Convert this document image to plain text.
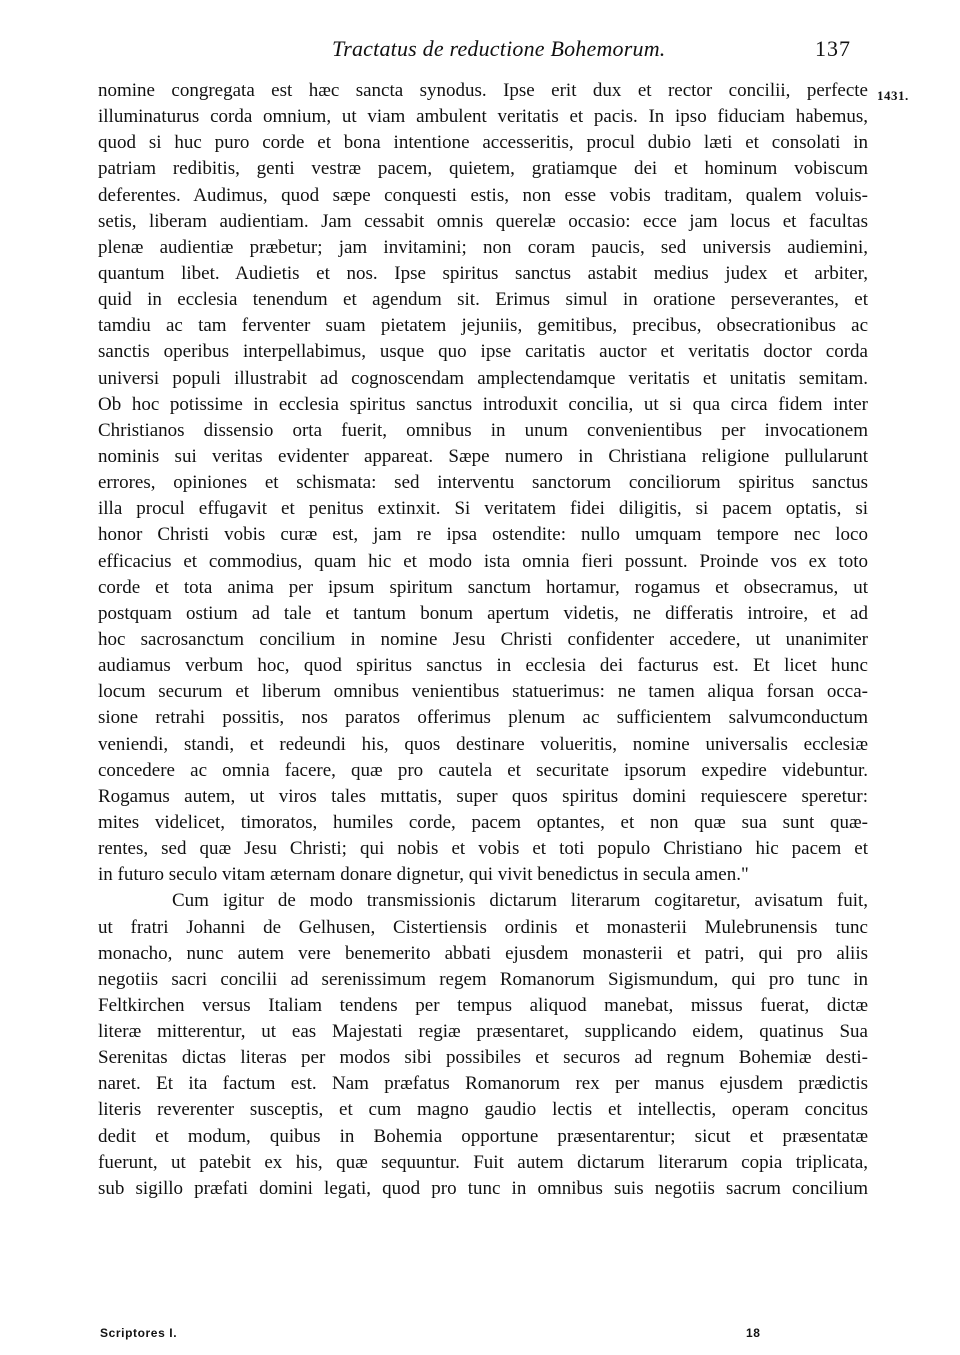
Tractatus de reductione Bohemorum.	137
1431.
nomine congregata est hæc sancta synodus. Ipse erit dux et rector concilii, perfecte
illuminaturus corda omnium, ut viam ambulent veritatis et pacis. In ipso fiduciam habemus,
quod si huc puro corde et bona intentione accesseritis, procul dubio læti et consolati in
patriam redibitis, genti vestræ pacem, quietem, gratiamque dei et hominum vobiscum
deferentes. Audimus, quod sæpe conquesti estis, non esse vobis traditam, qualem voluis-
setis, liberam audientiam. Jam cessabit omnis querelæ occasio: ecce jam locus et facultas
plenæ audientiæ præbetur; jam invitamini; non coram paucis, sed universis audiemini,
quantum libet. Audietis et nos. Ipse spiritus sanctus astabit medius judex et arbiter,
quid in ecclesia tenendum et agendum sit. Erimus simul in oratione perseverantes, et
tamdiu ac tam ferventer suam pietatem jejuniis, gemitibus, precibus, obsecrationibus ac
sanctis operibus interpellabimus, usque quo ipse caritatis auctor et veritatis doctor corda
universi populi illustrabit ad cognoscendam amplectendamque veritatis et unitatis semitam.
Ob hoc potissime in ecclesia spiritus sanctus introduxit concilia, ut si qua circa fidem inter
Christianos dissensio orta fuerit, omnibus in unum convenientibus per invocationem
nominis sui veritas evidenter appareat. Sæpe numero in Christiana religione pullularunt
errores, opiniones et schismata: sed interventu sanctorum conciliorum spiritus sanctus
illa procul effugavit et penitus extinxit. Si veritatem fidei diligitis, si pacem optatis, si
honor Christi vobis curæ est, jam re ipsa ostendite: nullo umquam tempore nec loco
efficacius et commodius, quam hic et modo ista omnia fieri possunt. Proinde vos ex toto
corde et tota anima per ipsum spiritum sanctum hortamur, rogamus et obsecramus, ut
postquam ostium ad tale et tantum bonum apertum videtis, ne differatis introire, et ad
hoc sacrosanctum concilium in nomine Jesu Christi confidenter accedere, ut unanimiter
audiamus verbum hoc, quod spiritus sanctus in ecclesia dei facturus est. Et licet hunc
locum securum et liberum omnibus venientibus statuerimus: ne tamen aliqua forsan occa-
sione retrahi possitis, nos paratos offerimus plenum ac sufficientem salvumconductum
veniendi, standi, et redeundi his, quos destinare volueritis, nomine universalis ecclesiæ
concedere ac omnia facere, quæ pro cautela et securitate ipsorum expedire videbuntur.
Rogamus autem, ut viros tales mıttatis, super quos spiritus domini requiescere speretur:
mites videlicet, timoratos, humiles corde, pacem optantes, et non quæ sua sunt quæ-
rentes, sed quæ Jesu Christi; qui nobis et vobis et toti populo Christiano hic pacem et
in futuro seculo vitam æternam donare dignetur, qui vivit benedictus in secula amen."
Cum igitur de modo transmissionis dictarum literarum cogitaretur, avisatum fuit,
ut fratri Johanni de Gelhusen, Cistertiensis ordinis et monasterii Mulebrunensis tunc
monacho, nunc autem vere benemerito abbati ejusdem monasterii et patri, qui pro aliis
negotiis sacri concilii ad serenissimum regem Romanorum Sigismundum, qui pro tunc in
Feltkirchen versus Italiam tendens per tempus aliquod manebat, missus fuerat, dictæ
literæ mitterentur, ut eas Majestati regiæ præsentaret, supplicando eidem, quatinus Sua
Serenitas dictas literas per modos sibi possibiles et securos ad regnum Bohemiæ desti-
naret. Et ita factum est. Nam præfatus Romanorum rex per manus ejusdem prædictis
literis reverenter susceptis, et cum magno gaudio lectis et intellectis, operam concitus
dedit et modum, quibus in Bohemia opportune præsentarentur; sicut et præsentatæ
fuerunt, ut patebit ex his, quæ sequuntur. Fuit autem dictarum literarum copia triplicata,
sub sigillo præfati domini legati, quod pro tunc in omnibus suis negotiis sacrum concilium
Scriptores I.	18
